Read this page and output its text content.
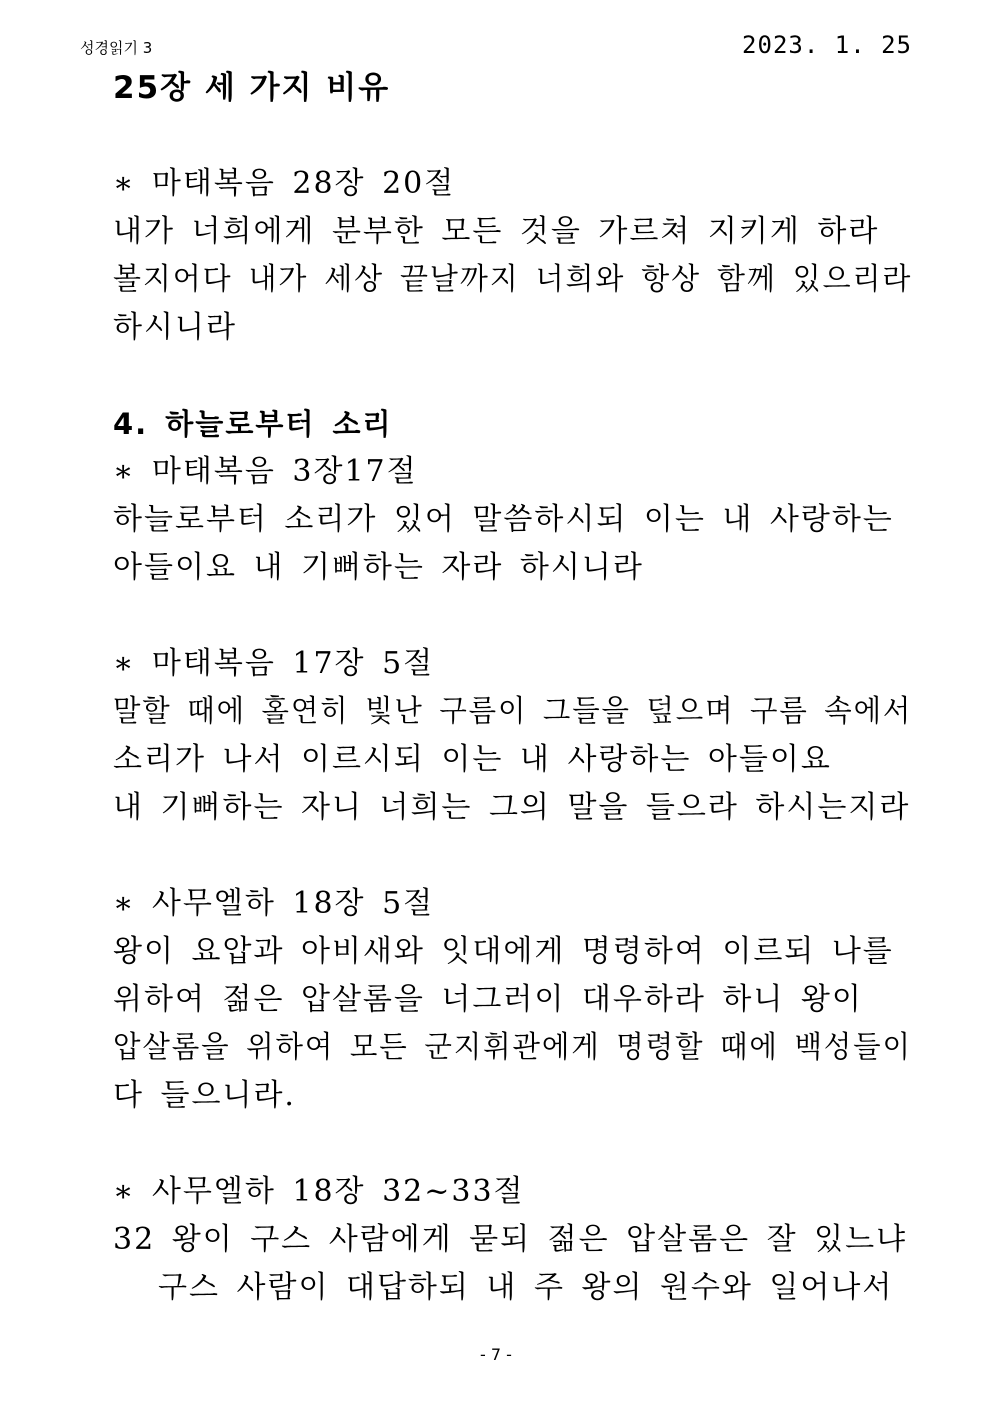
성경읽기 3	2023. 1. 25
25장 세 가지 비유
∗ 마태복음 28장 20절
내가 너희에게 분부한 모든 것을 가르쳐 지키게 하라
볼지어다 내가 세상 끝날까지 너희와 항상 함께 있으리라
하시니라
4. 하늘로부터 소리
∗ 마태복음 3장17절
하늘로부터 소리가 있어 말씀하시되 이는 내 사랑하는
아들이요 내 기뻐하는 자라 하시니라
∗ 마태복음 17장 5절
말할 때에 홀연히 빛난 구름이 그들을 덮으며 구름 속에서
소리가 나서 이르시되 이는 내 사랑하는 아들이요
내 기뻐하는 자니 너희는 그의 말을 들으라 하시는지라
∗ 사무엘하 18장 5절
왕이 요압과 아비새와 잇대에게 명령하여 이르되 나를
위하여 젊은 압살롬을 너그러이 대우하라 하니 왕이
압살롬을 위하여 모든 군지휘관에게 명령할 때에 백성들이
다 들으니라.
∗ 사무엘하 18장 32~33절
32 왕이 구스 사람에게 묻되 젊은 압살롬은 잘 있느냐
구스 사람이 대답하되 내 주 왕의 원수와 일어나서
- 7 -
